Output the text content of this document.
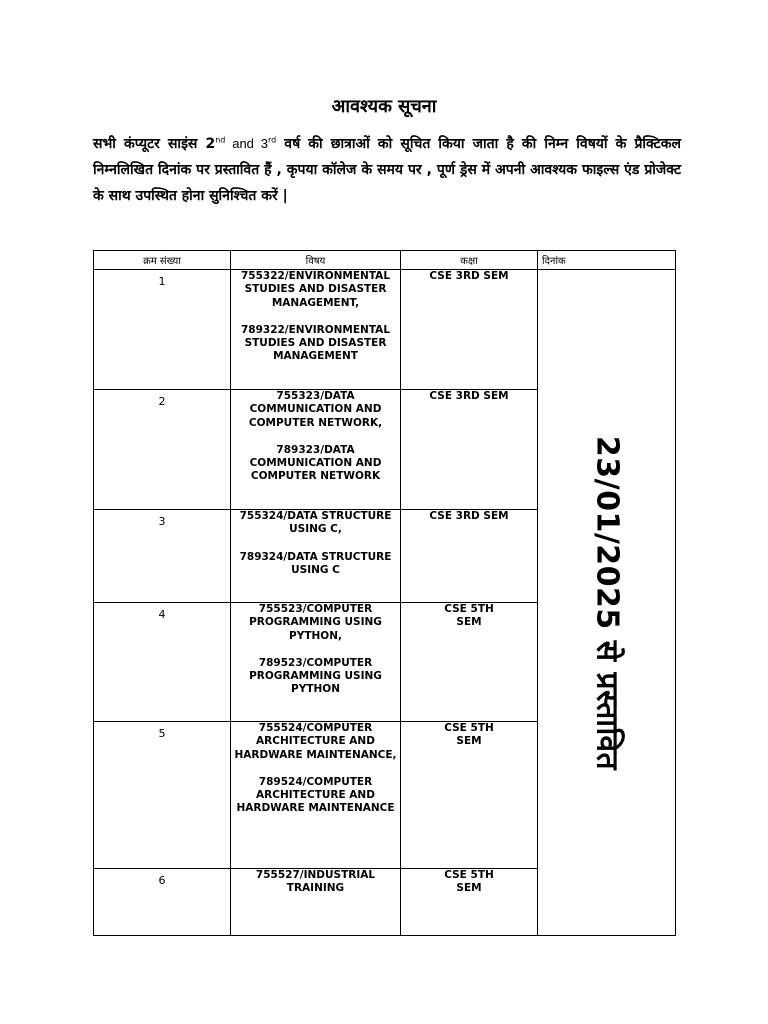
आवश्यक सूचना

सभी कंप्यूटर साइंस 2nd and 3rd वर्ष की छात्राओं को सूचित किया जाता है की निम्न विषयों के प्रैक्टिकल निम्नलिखित दिनांक पर प्रस्तावित हैं , कृपया कॉलेज के समय पर , पूर्ण ड्रेस में अपनी आवश्यक फाइल्स एंड प्रोजेक्ट के साथ उपस्थित होना सुनिश्चित करें |

क्रम संख्या	विषय	कक्षा	दिनांक
1	755322/ENVIRONMENTAL STUDIES AND DISASTER MANAGEMENT,
789322/ENVIRONMENTAL STUDIES AND DISASTER MANAGEMENT	CSE 3RD SEM	23/01/2025 से प्रस्तावित

2	755323/DATA COMMUNICATION AND COMPUTER NETWORK,
789323/DATA COMMUNICATION AND COMPUTER NETWORK	CSE 3RD SEM	

3	755324/DATA STRUCTURE USING C,
789324/DATA STRUCTURE USING C	CSE 3RD SEM	

4	755523/COMPUTER PROGRAMMING USING PYTHON,
789523/COMPUTER PROGRAMMING USING PYTHON	CSE 5TH SEM	

5	755524/COMPUTER ARCHITECTURE AND HARDWARE MAINTENANCE,
789524/COMPUTER ARCHITECTURE AND HARDWARE MAINTENANCE	CSE 5TH SEM	

6	755527/INDUSTRIAL TRAINING	CSE 5TH SEM	
